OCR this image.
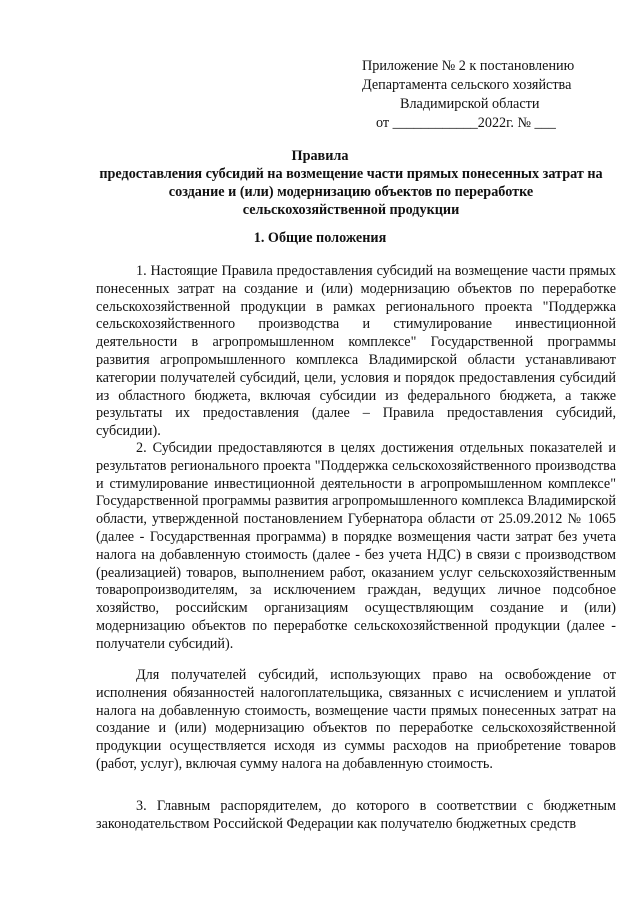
Приложение № 2 к постановлению
Департамента сельского хозяйства
Владимирской области
от ____________2022г. № ___
Правила
предоставления субсидий на возмещение части прямых понесенных затрат на создание и (или) модернизацию объектов по переработке сельскохозяйственной продукции
1. Общие положения

1. Настоящие Правила предоставления субсидий на возмещение части прямых понесенных затрат на создание и (или) модернизацию объектов по переработке сельскохозяйственной продукции в рамках регионального проекта "Поддержка сельскохозяйственного производства и стимулирование инвестиционной деятельности в агропромышленном комплексе" Государственной программы развития агропромышленного комплекса Владимирской области устанавливают категории получателей субсидий, цели, условия и порядок предоставления субсидий из областного бюджета, включая субсидии из федерального бюджета, а также результаты их предоставления (далее – Правила предоставления субсидий, субсидии).

2. Субсидии предоставляются в целях достижения отдельных показателей и результатов регионального проекта "Поддержка сельскохозяйственного производства и стимулирование инвестиционной деятельности в агропромышленном комплексе" Государственной программы развития агропромышленного комплекса Владимирской области, утвержденной постановлением Губернатора области от 25.09.2012 № 1065 (далее - Государственная программа) в порядке возмещения части затрат без учета налога на добавленную стоимость (далее - без учета НДС) в связи с производством (реализацией) товаров, выполнением работ, оказанием услуг сельскохозяйственным товаропроизводителям, за исключением граждан, ведущих личное подсобное хозяйство, российским организациям осуществляющим создание и (или) модернизацию объектов по переработке сельскохозяйственной продукции (далее - получатели субсидий).

Для получателей субсидий, использующих право на освобождение от исполнения обязанностей налогоплательщика, связанных с исчислением и уплатой налога на добавленную стоимость, возмещение части прямых понесенных затрат на создание и (или) модернизацию объектов по переработке сельскохозяйственной продукции осуществляется исходя из суммы расходов на приобретение товаров (работ, услуг), включая сумму налога на добавленную стоимость.

3. Главным распорядителем, до которого в соответствии с бюджетным законодательством Российской Федерации как получателю бюджетных средств
